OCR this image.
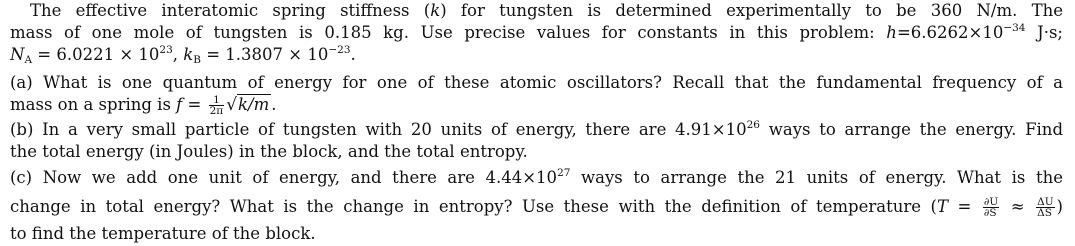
The effective interatomic spring stiffness (k) for tungsten is determined experimentally to be 360 N/m. The
mass of one mole of tungsten is 0.185 kg. Use precise values for constants in this problem: $h=6.6262\times 10^{-34}$ J·s;
$N_A = 6.0221 \times 10^{23}$, $k_B = 1.3807 \times 10^{-23}$.
(a) What is one quantum of energy for one of these atomic oscillators? Recall that the fundamental frequency of a
mass on a spring is $f = \frac{1}{2\pi} √k/m$ .
(b) In a very small particle of tungsten with 20 units of energy, there are $4.91\times 10^{26}$ ways to arrange the energy. Find
the total energy (in Joules) in the block, and the total entropy.
(c) Now we add one unit of energy, and there are $4.44\times 10^{27}$ ways to arrange the 21 units of energy. What is the
change in total energy? What is the change in entropy? Use these with the definition of temperature ($T = \frac{\partial U}{\partial S} \approx \frac{\Delta U}{\Delta S}$ )
to find the temperature of the block.
